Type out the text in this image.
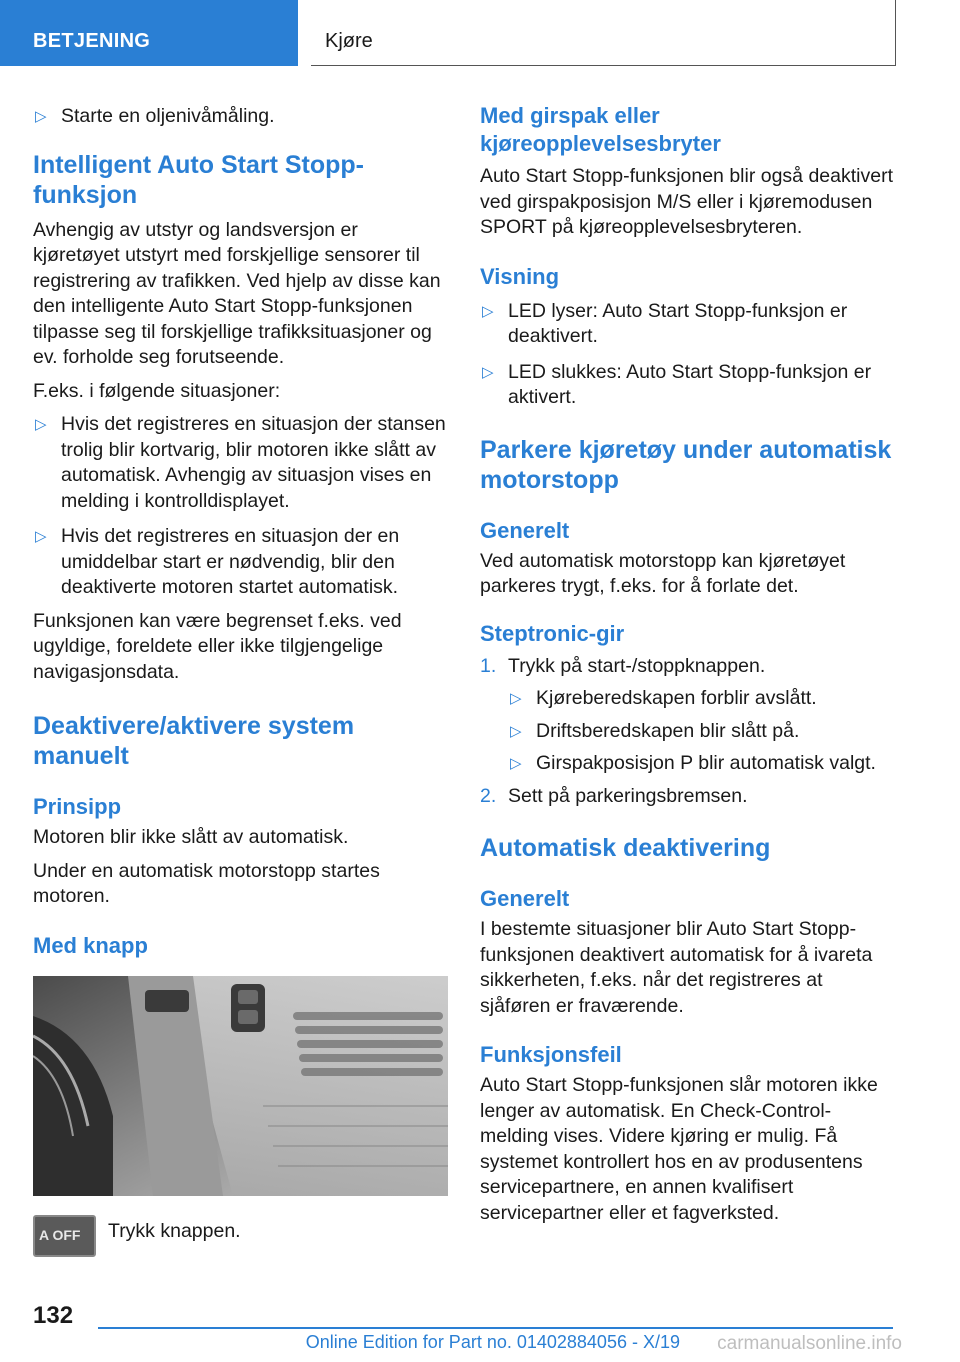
BETJENING	Kjøre
▷ Starte en oljenivåmåling.
Intelligent Auto Start Stopp-funksjon

Avhengig av utstyr og landsversjon er kjøretøyet utstyrt med forskjellige sensorer til registrering av trafikken. Ved hjelp av disse kan den intelligente Auto Start Stopp-funksjonen tilpasse seg til forskjellige trafikksituasjoner og ev. forholde seg forutseende.

F.eks. i følgende situasjoner:

▷ Hvis det registreres en situasjon der stansen trolig blir kortvarig, blir motoren ikke slått av automatisk. Avhengig av situasjon vises en melding i kontrolldisplayet.
▷ Hvis det registreres en situasjon der en umiddelbar start er nødvendig, blir den deaktiverte motoren startet automatisk.

Funksjonen kan være begrenset f.eks. ved ugyldige, foreldete eller ikke tilgjengelige navigasjonsdata.

Deaktivere/aktivere system manuelt
Prinsipp

Motoren blir ikke slått av automatisk.

Under en automatisk motorstopp startes motoren.

Med knapp
A OFF Trykk knappen.
Med girspak eller kjøreopplevelsesbryter

Auto Start Stopp-funksjonen blir også deaktivert ved girspakposisjon M/S eller i kjøremodusen SPORT på kjøreopplevelsesbryteren.

Visning
▷ LED lyser: Auto Start Stopp-funksjon er deaktivert.
▷ LED slukkes: Auto Start Stopp-funksjon er aktivert.
Parkere kjøretøy under automatisk motorstopp
Generelt

Ved automatisk motorstopp kan kjøretøyet parkeres trygt, f.eks. for å forlate det.

Steptronic-gir
1. Trykk på start-/stoppknappen.
▷ Kjøreberedskapen forblir avslått.
▷ Driftsberedskapen blir slått på.
▷ Girspakposisjon P blir automatisk valgt.
2. Sett på parkeringsbremsen.
Automatisk deaktivering
Generelt

I bestemte situasjoner blir Auto Start Stopp-funksjonen deaktivert automatisk for å ivareta sikkerheten, f.eks. når det registreres at sjåføren er fraværende.

Funksjonsfeil

Auto Start Stopp-funksjonen slår motoren ikke lenger av automatisk. En Check-Control-melding vises. Videre kjøring er mulig. Få systemet kontrollert hos en av produsentens servicepartnere, en annen kvalifisert servicepartner eller et fagverksted.

132
carmanualsonline.info
Online Edition for Part no. 01402884056 - X/19
